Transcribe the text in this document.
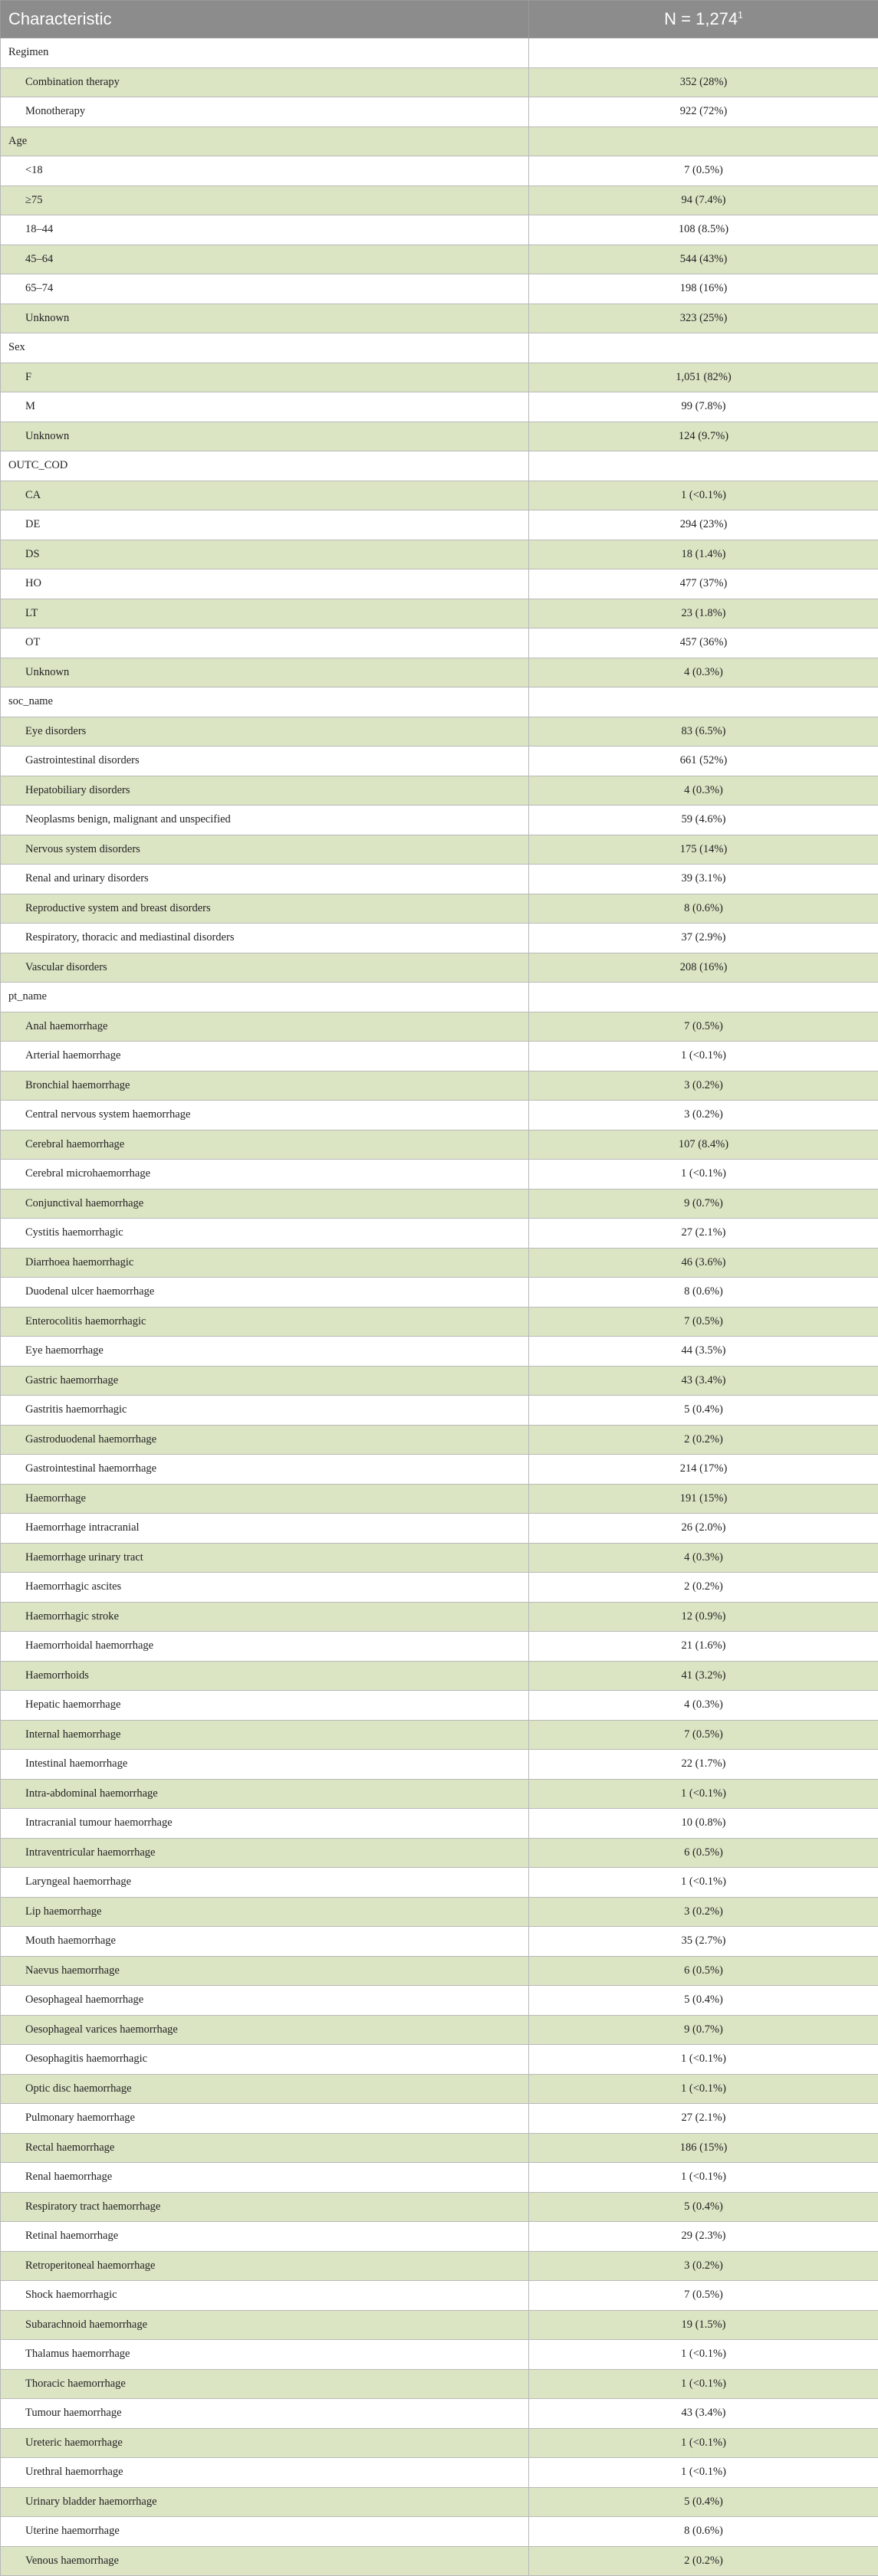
Characteristic	$N = 1,274^1$
Regimen	
Combination therapy	352 (28%)
Monotherapy	922 (72%)
Age	
<18	7 (0.5%)
≥75	94 (7.4%)
18–44	108 (8.5%)
45–64	544 (43%)
65–74	198 (16%)
Unknown	323 (25%)
Sex	
F	1,051 (82%)
M	99 (7.8%)
Unknown	124 (9.7%)
OUTC_COD	
CA	1 (<0.1%)
DE	294 (23%)
DS	18 (1.4%)
HO	477 (37%)
LT	23 (1.8%)
OT	457 (36%)
Unknown	4 (0.3%)
soc_name	
Eye disorders	83 (6.5%)
Gastrointestinal disorders	661 (52%)
Hepatobiliary disorders	4 (0.3%)
Neoplasms benign, malignant and unspecified	59 (4.6%)
Nervous system disorders	175 (14%)
Renal and urinary disorders	39 (3.1%)
Reproductive system and breast disorders	8 (0.6%)
Respiratory, thoracic and mediastinal disorders	37 (2.9%)
Vascular disorders	208 (16%)
pt_name	
Anal haemorrhage	7 (0.5%)
Arterial haemorrhage	1 (<0.1%)
Bronchial haemorrhage	3 (0.2%)
Central nervous system haemorrhage	3 (0.2%)
Cerebral haemorrhage	107 (8.4%)
Cerebral microhaemorrhage	1 (<0.1%)
Conjunctival haemorrhage	9 (0.7%)
Cystitis haemorrhagic	27 (2.1%)
Diarrhoea haemorrhagic	46 (3.6%)
Duodenal ulcer haemorrhage	8 (0.6%)
Enterocolitis haemorrhagic	7 (0.5%)
Eye haemorrhage	44 (3.5%)
Gastric haemorrhage	43 (3.4%)
Gastritis haemorrhagic	5 (0.4%)
Gastroduodenal haemorrhage	2 (0.2%)
Gastrointestinal haemorrhage	214 (17%)
Haemorrhage	191 (15%)
Haemorrhage intracranial	26 (2.0%)
Haemorrhage urinary tract	4 (0.3%)
Haemorrhagic ascites	2 (0.2%)
Haemorrhagic stroke	12 (0.9%)
Haemorrhoidal haemorrhage	21 (1.6%)
Haemorrhoids	41 (3.2%)
Hepatic haemorrhage	4 (0.3%)
Internal haemorrhage	7 (0.5%)
Intestinal haemorrhage	22 (1.7%)
Intra-abdominal haemorrhage	1 (<0.1%)
Intracranial tumour haemorrhage	10 (0.8%)
Intraventricular haemorrhage	6 (0.5%)
Laryngeal haemorrhage	1 (<0.1%)
Lip haemorrhage	3 (0.2%)
Mouth haemorrhage	35 (2.7%)
Naevus haemorrhage	6 (0.5%)
Oesophageal haemorrhage	5 (0.4%)
Oesophageal varices haemorrhage	9 (0.7%)
Oesophagitis haemorrhagic	1 (<0.1%)
Optic disc haemorrhage	1 (<0.1%)
Pulmonary haemorrhage	27 (2.1%)
Rectal haemorrhage	186 (15%)
Renal haemorrhage	1 (<0.1%)
Respiratory tract haemorrhage	5 (0.4%)
Retinal haemorrhage	29 (2.3%)
Retroperitoneal haemorrhage	3 (0.2%)
Shock haemorrhagic	7 (0.5%)
Subarachnoid haemorrhage	19 (1.5%)
Thalamus haemorrhage	1 (<0.1%)
Thoracic haemorrhage	1 (<0.1%)
Tumour haemorrhage	43 (3.4%)
Ureteric haemorrhage	1 (<0.1%)
Urethral haemorrhage	1 (<0.1%)
Urinary bladder haemorrhage	5 (0.4%)
Uterine haemorrhage	8 (0.6%)
Venous haemorrhage	2 (0.2%)
